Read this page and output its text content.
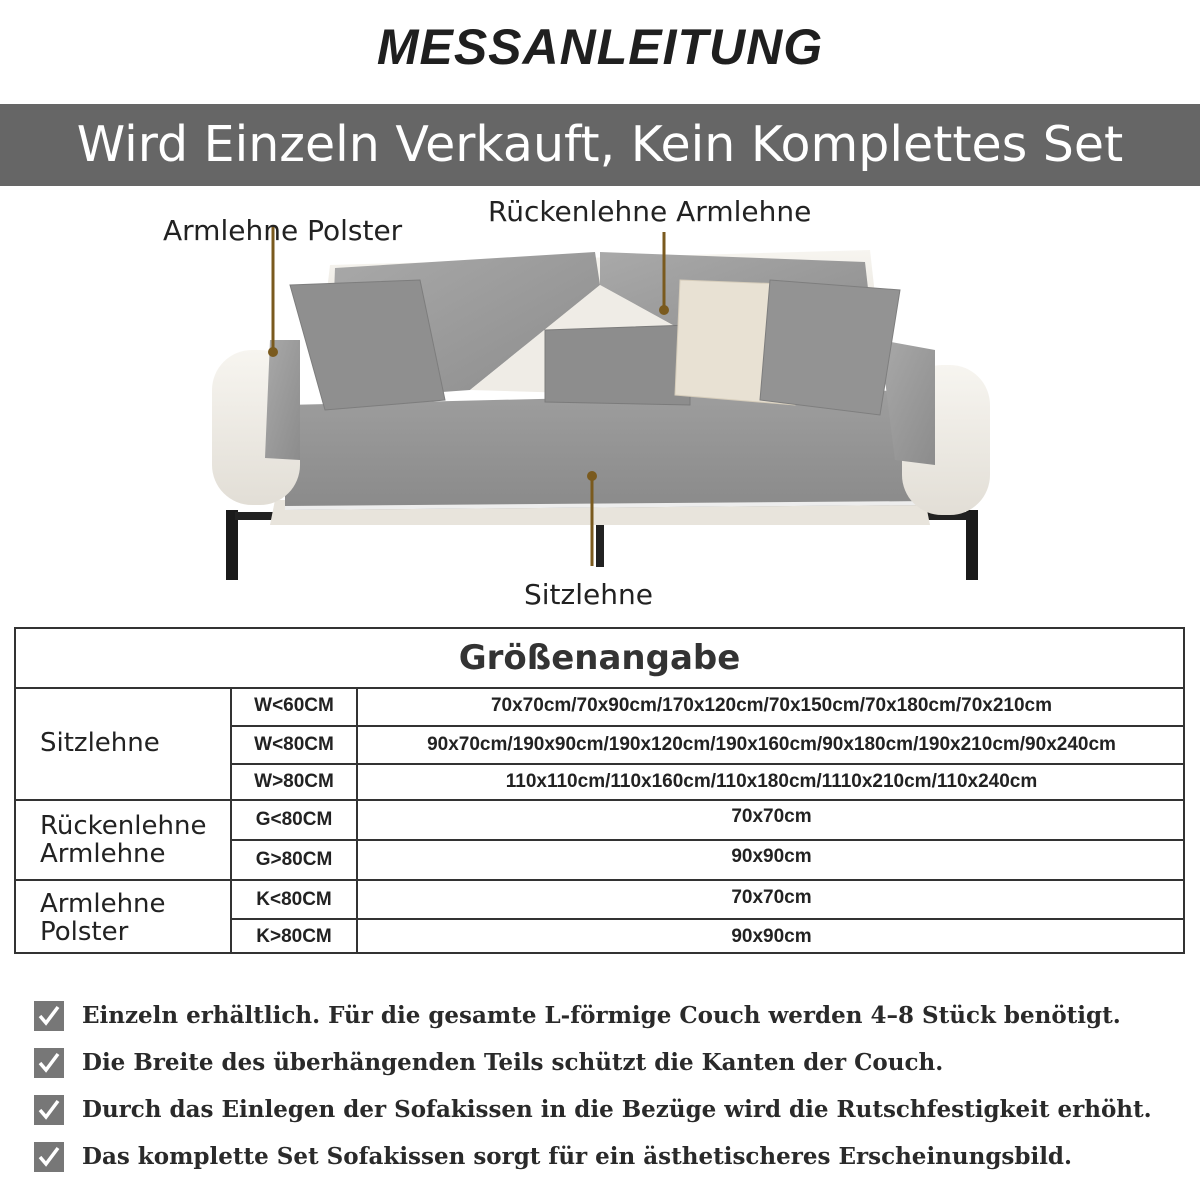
MESSANLEITUNG
Wird Einzeln Verkauft, Kein Komplettes Set
Armlehne Polster
Rückenlehne Armlehne
Sitzlehne
Größenangabe
Sitzlehne
W<60CM	70x70cm/70x90cm/170x120cm/70x150cm/70x180cm/70x210cm
W<80CM	90x70cm/190x90cm/190x120cm/190x160cm/90x180cm/190x210cm/90x240cm
W>80CM	110x110cm/110x160cm/110x180cm/1110x210cm/110x240cm
Rückenlehne
Armlehne
G<80CM	70x70cm
G>80CM	90x90cm
Armlehne
Polster
K<80CM	70x70cm
K>80CM	90x90cm
Einzeln erhältlich. Für die gesamte L-förmige Couch werden 4–8 Stück benötigt.
Die Breite des überhängenden Teils schützt die Kanten der Couch.
Durch das Einlegen der Sofakissen in die Bezüge wird die Rutschfestigkeit erhöht.
Das komplette Set Sofakissen sorgt für ein ästhetischeres Erscheinungsbild.
